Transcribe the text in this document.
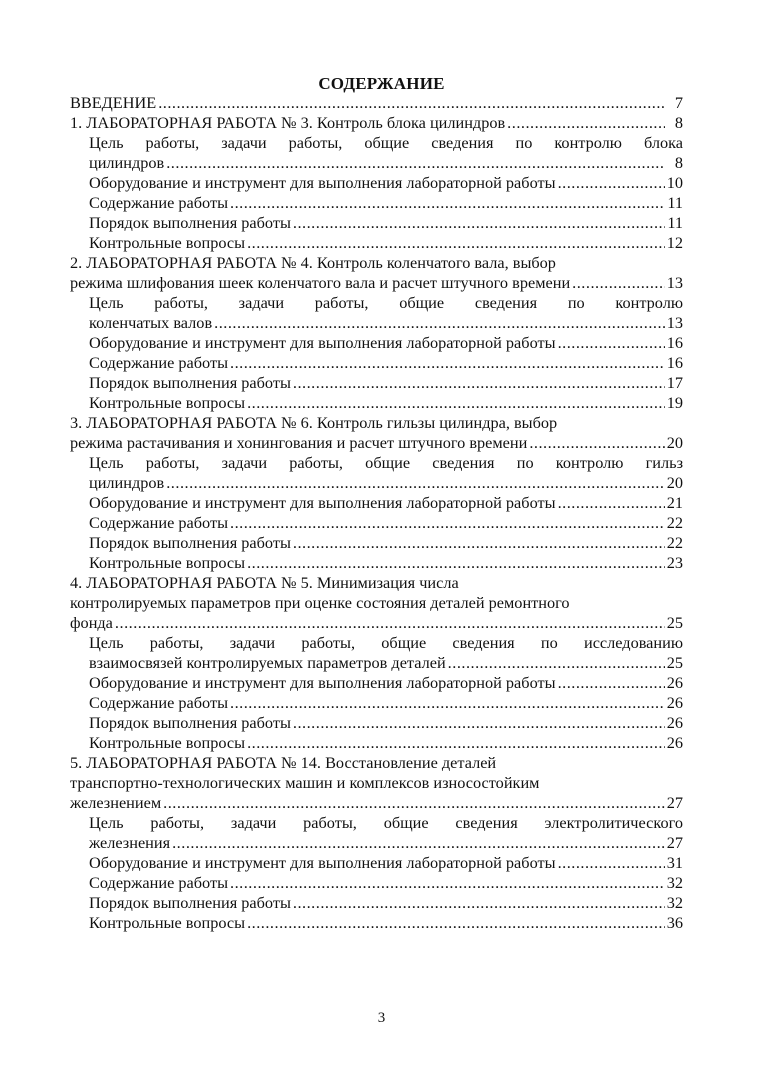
СОДЕРЖАНИЕ
ВВЕДЕНИЕ .....	7
1. ЛАБОРАТОРНАЯ РАБОТА № 3. Контроль блока цилиндров .....	8
Цель работы, задачи работы, общие сведения по контролю блока
цилиндров .....	8
Оборудование и инструмент для выполнения лабораторной работы .....	10
Содержание работы .....	11
Порядок выполнения работы .....	11
Контрольные вопросы .....	12
2. ЛАБОРАТОРНАЯ РАБОТА № 4. Контроль коленчатого вала, выбор
режима шлифования шеек коленчатого вала и расчет штучного времени .....	13
Цель работы, задачи работы, общие сведения по контролю
коленчатых валов .....	13
Оборудование и инструмент для выполнения лабораторной работы .....	16
Содержание работы .....	16
Порядок выполнения работы .....	17
Контрольные вопросы .....	19
3. ЛАБОРАТОРНАЯ РАБОТА № 6. Контроль гильзы цилиндра, выбор
режима растачивания и хонингования и расчет штучного времени .....	20
Цель работы, задачи работы, общие сведения по контролю гильз
цилиндров .....	20
Оборудование и инструмент для выполнения лабораторной работы .....	21
Содержание работы .....	22
Порядок выполнения работы .....	22
Контрольные вопросы .....	23
4. ЛАБОРАТОРНАЯ РАБОТА № 5. Минимизация числа
контролируемых параметров при оценке состояния деталей ремонтного
фонда .....	25
Цель работы, задачи работы, общие сведения по исследованию
взаимосвязей контролируемых параметров деталей .....	25
Оборудование и инструмент для выполнения лабораторной работы .....	26
Содержание работы .....	26
Порядок выполнения работы .....	26
Контрольные вопросы .....	26
5. ЛАБОРАТОРНАЯ РАБОТА № 14. Восстановление деталей
транспортно-технологических машин и комплексов износостойким
железнением .....	27
Цель работы, задачи работы, общие сведения электролитического
железнения .....	27
Оборудование и инструмент для выполнения лабораторной работы .....	31
Содержание работы .....	32
Порядок выполнения работы .....	32
Контрольные вопросы .....	36
3
